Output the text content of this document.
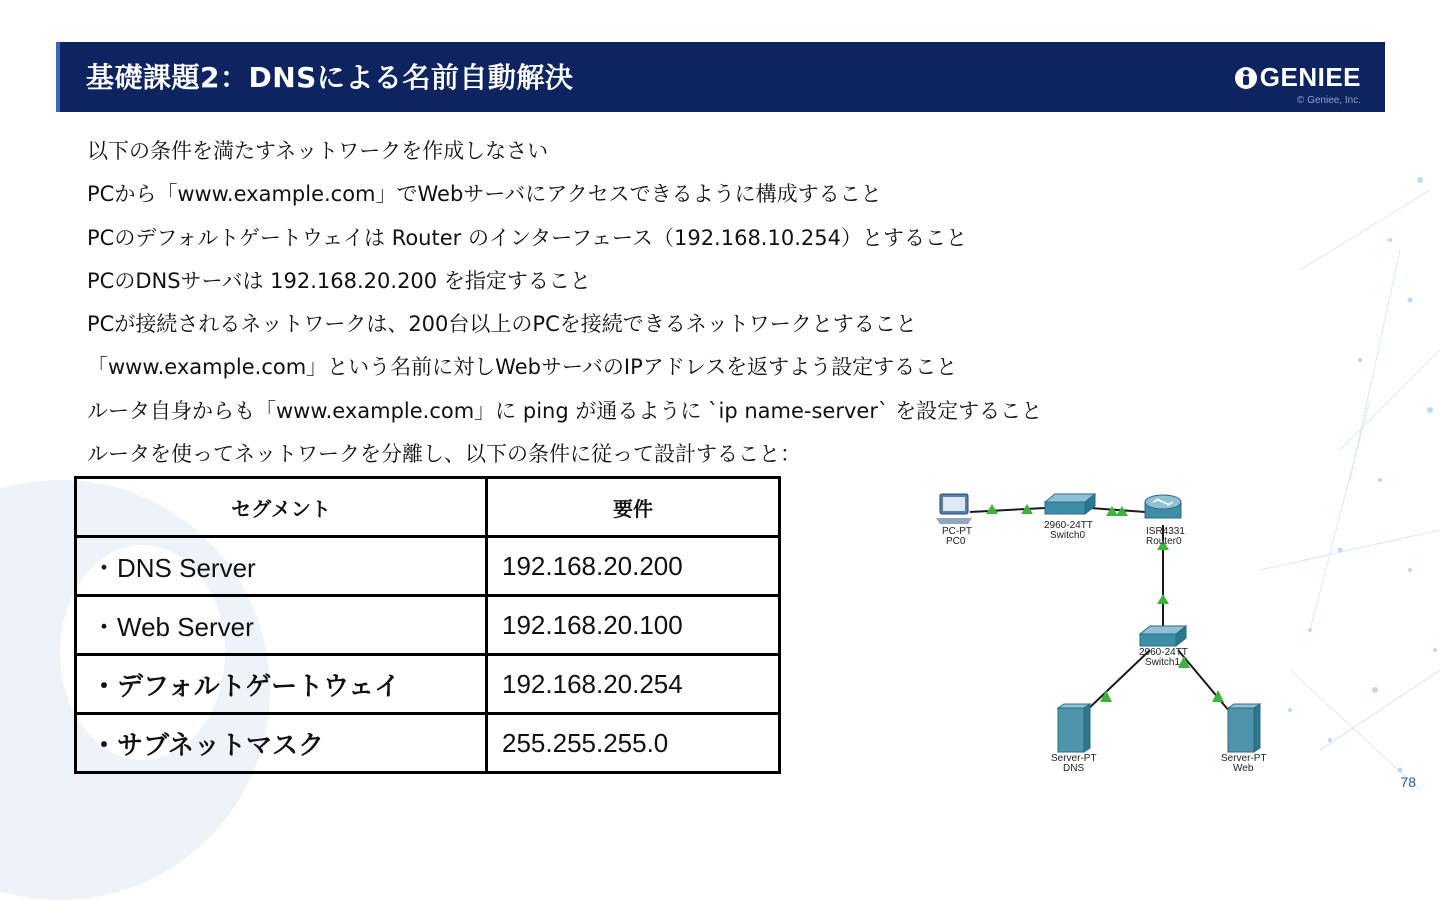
基礎課題2：DNSによる名前自動解決	GENIEE
© Geniee, Inc.
以下の条件を満たすネットワークを作成しなさい
PCから「www.example.com」でWebサーバにアクセスできるように構成すること
PCのデフォルトゲートウェイは Router のインターフェース（192.168.10.254）とすること
PCのDNSサーバは 192.168.20.200 を指定すること
PCが接続されるネットワークは、200台以上のPCを接続できるネットワークとすること
「www.example.com」という名前に対しWebサーバのIPアドレスを返すよう設定すること
ルータ自身からも「www.example.com」に ping が通るように `ip name-server` を設定すること
ルータを使ってネットワークを分離し、以下の条件に従って設計すること：
セグメント	要件
・DNS Server	192.168.20.200
・Web Server	192.168.20.100
・デフォルトゲートウェイ	192.168.20.254
・サブネットマスク	255.255.255.0
PC-PT
PC0
2960-24TT
Switch0	ISR4331
Router0
2960-24TT
Switch1
Server-PT
DNS
Server-PT
Web
78
